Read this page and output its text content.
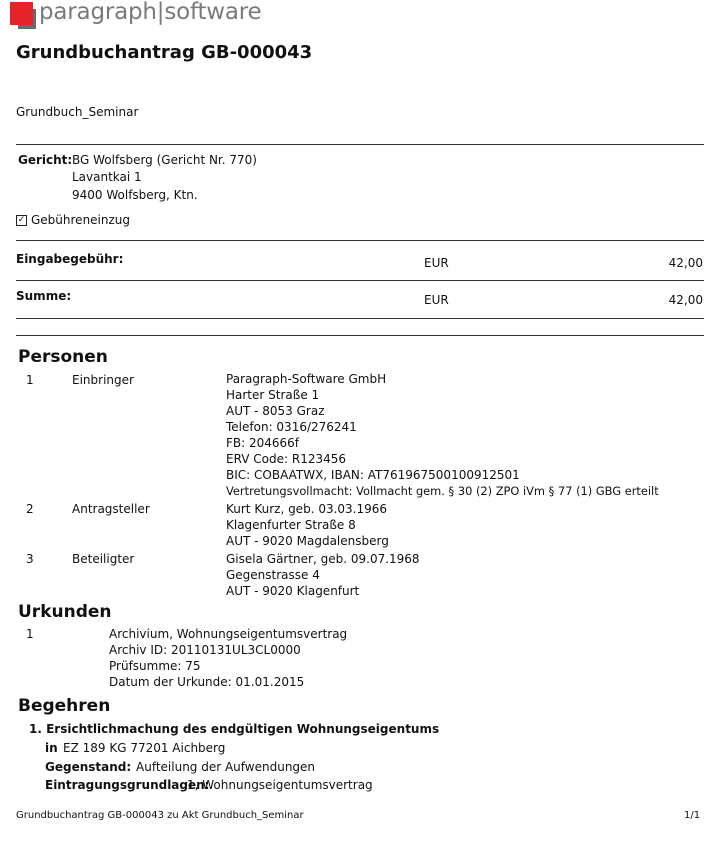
paragraph|software
Grundbuchantrag GB-000043
Grundbuch_Seminar
Gericht: BG Wolfsberg (Gericht Nr. 770)
Lavantkai 1
9400 Wolfsberg, Ktn.
✓ Gebühreneinzug
Eingabegebühr:	EUR	42,00
Summe:	EUR	42,00
Personen
1	Einbringer	Paragraph-Software GmbH
Harter Straße 1
AUT - 8053 Graz
Telefon: 0316/276241
FB: 204666f
ERV Code: R123456
BIC: COBAATWX, IBAN: AT761967500100912501
Vertretungsvollmacht: Vollmacht gem. § 30 (2) ZPO iVm § 77 (1) GBG erteilt
2	Antragsteller	Kurt Kurz, geb. 03.03.1966
Klagenfurter Straße 8
AUT - 9020 Magdalensberg
3	Beteiligter	Gisela Gärtner, geb. 09.07.1968
Gegenstrasse 4
AUT - 9020 Klagenfurt
Urkunden
1	Archivium, Wohnungseigentumsvertrag
Archiv ID: 20110131UL3CL0000
Prüfsumme: 75
Datum der Urkunde: 01.01.2015
Begehren
1. Ersichtlichmachung des endgültigen Wohnungseigentums
in EZ 189 KG 77201 Aichberg
Gegenstand: Aufteilung der Aufwendungen
Eintragungsgrundlagen:
1, Wohnungseigentumsvertrag
Grundbuchantrag GB-000043 zu Akt Grundbuch_Seminar	1/1
